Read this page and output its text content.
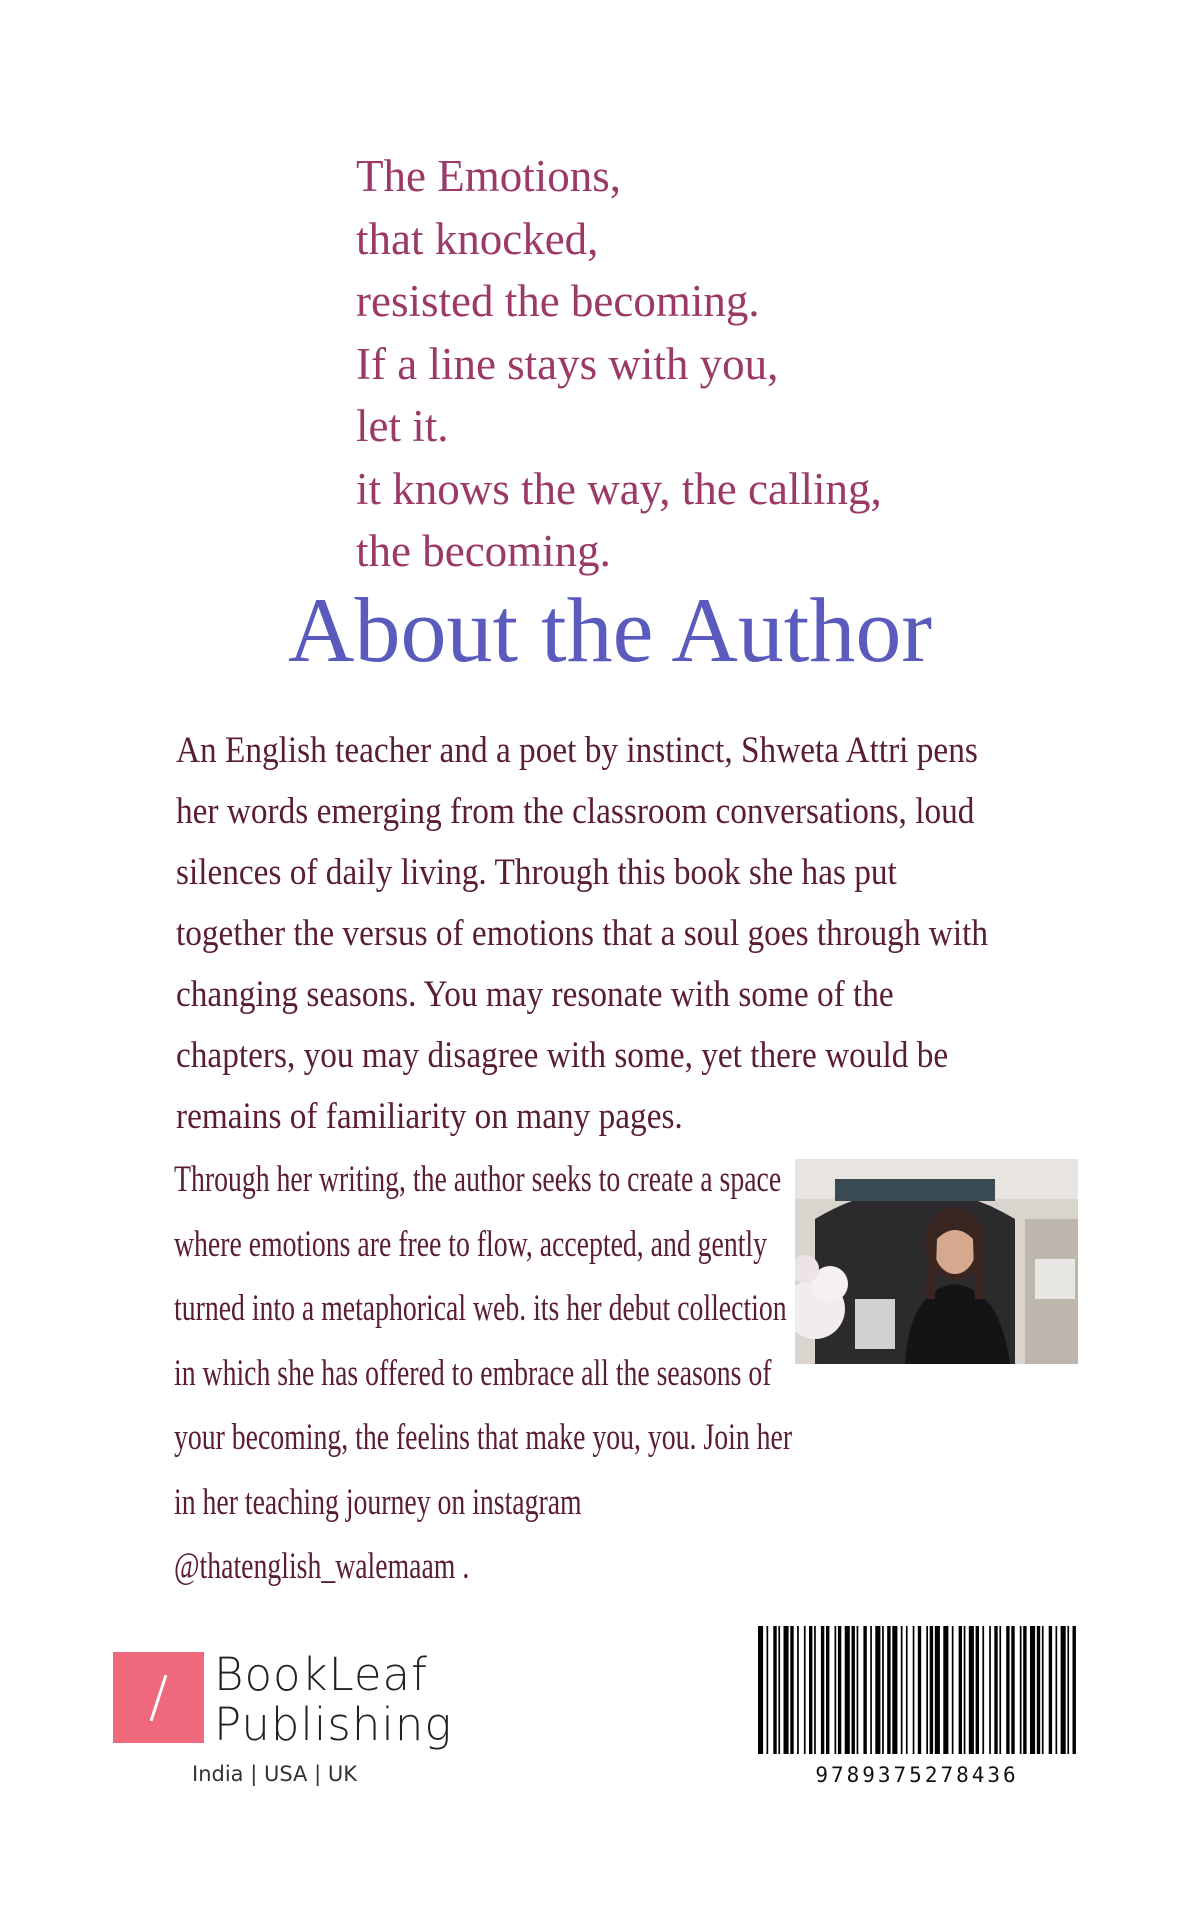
The Emotions,
that knocked,
resisted the becoming.
If a line stays with you,
let it.
it knows the way, the calling,
the becoming.
About the Author
An English teacher and a poet by instinct, Shweta Attri pens
her words emerging from the classroom conversations, loud
silences of daily living. Through this book she has put
together the versus of emotions that a soul goes through with
changing seasons. You may resonate with some of the
chapters, you may disagree with some, yet there would be
remains of familiarity on many pages.
Through her writing, the author seeks to create a space
where emotions are free to flow, accepted, and gently
turned into a metaphorical web. its her debut collection
in which she has offered to embrace all the seasons of
your becoming, the feelins that make you, you. Join her
in her teaching journey on instagram
@thatenglish_walemaam .
BookLeaf
Publishing
India | USA | UK	9789375278436
